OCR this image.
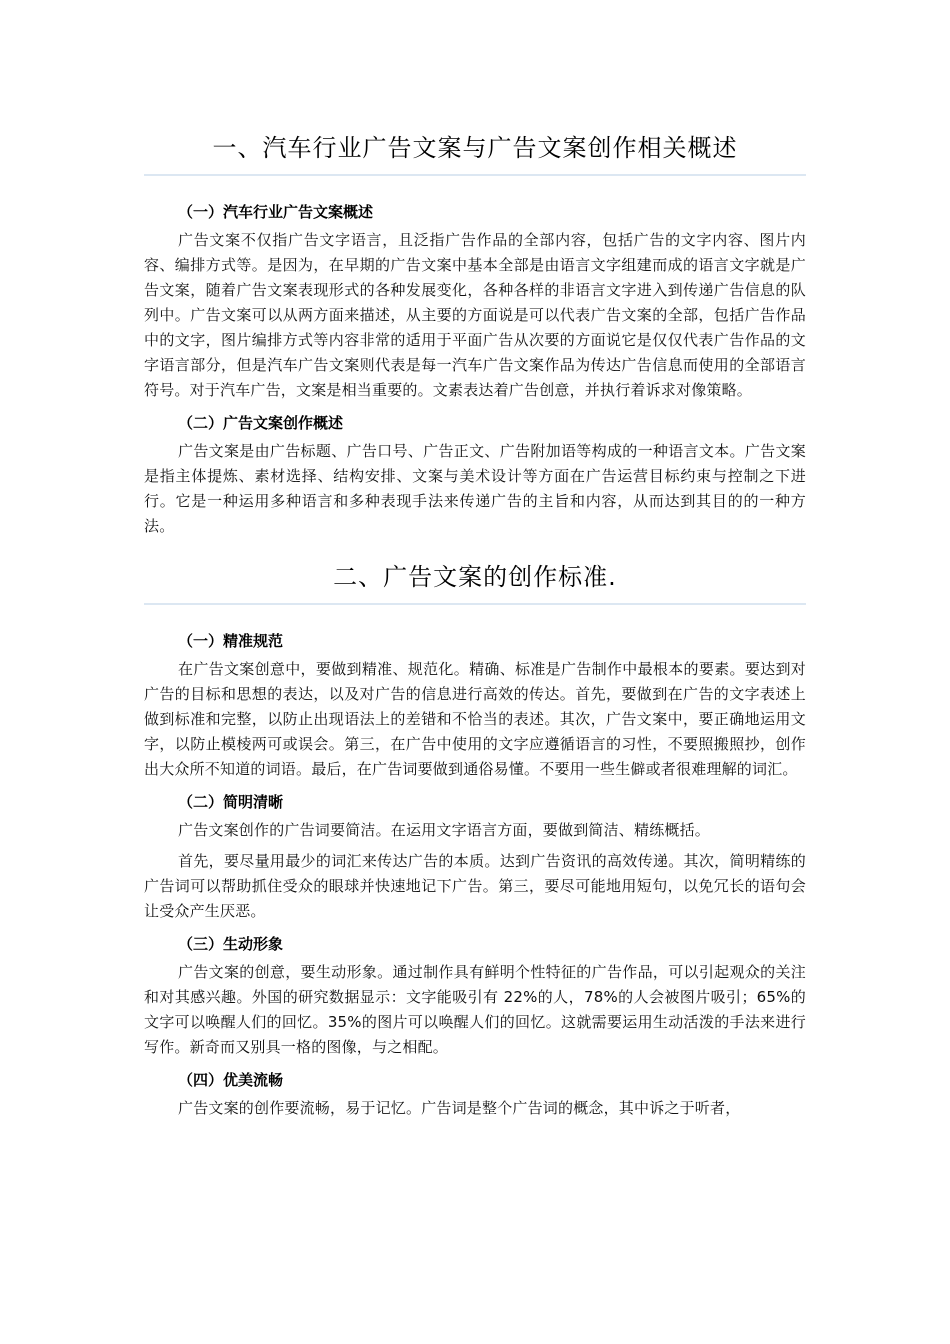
一、汽车行业广告文案与广告文案创作相关概述
（一）汽车行业广告文案概述

广告文案不仅指广告文字语言，且泛指广告作品的全部内容，包括广告的文字内容、图片内容、编排方式等。是因为，在早期的广告文案中基本全部是由语言文字组建而成的语言文字就是广告文案，随着广告文案表现形式的各种发展变化，各种各样的非语言文字进入到传递广告信息的队列中。广告文案可以从两方面来描述，从主要的方面说是可以代表广告文案的全部，包括广告作品中的文字，图片编排方式等内容非常的适用于平面广告从次要的方面说它是仅仅代表广告作品的文字语言部分，但是汽车广告文案则代表是每一汽车广告文案作品为传达广告信息而使用的全部语言符号。对于汽车广告，文案是相当重要的。文素表达着广告创意，并执行着诉求对像策略。

（二）广告文案创作概述

广告文案是由广告标题、广告口号、广告正文、广告附加语等构成的一种语言文本。广告文案是指主体提炼、素材选择、结构安排、文案与美术设计等方面在广告运营目标约束与控制之下进行。它是一种运用多种语言和多种表现手法来传递广告的主旨和内容，从而达到其目的的一种方法。

二、广告文案的创作标准.
（一）精准规范

在广告文案创意中，要做到精准、规范化。精确、标准是广告制作中最根本的要素。要达到对广告的目标和思想的表达，以及对广告的信息进行高效的传达。首先，要做到在广告的文字表述上做到标准和完整，以防止出现语法上的差错和不恰当的表述。其次，广告文案中，要正确地运用文字，以防止模棱两可或误会。第三，在广告中使用的文字应遵循语言的习性，不要照搬照抄，创作出大众所不知道的词语。最后，在广告词要做到通俗易懂。不要用一些生僻或者很难理解的词汇。

（二）简明清晰

广告文案创作的广告词要简洁。在运用文字语言方面，要做到简洁、精练概括。

首先，要尽量用最少的词汇来传达广告的本质。达到广告资讯的高效传递。其次，简明精练的广告词可以帮助抓住受众的眼球并快速地记下广告。第三，要尽可能地用短句，以免冗长的语句会让受众产生厌恶。

（三）生动形象

广告文案的创意，要生动形象。通过制作具有鲜明个性特征的广告作品，可以引起观众的关注和对其感兴趣。外国的研究数据显示：文字能吸引有 22%的人，78%的人会被图片吸引；65%的文字可以唤醒人们的回忆。35%的图片可以唤醒人们的回忆。这就需要运用生动活泼的手法来进行写作。新奇而又别具一格的图像，与之相配。

（四）优美流畅

广告文案的创作要流畅，易于记忆。广告词是整个广告词的概念，其中诉之于听者，
